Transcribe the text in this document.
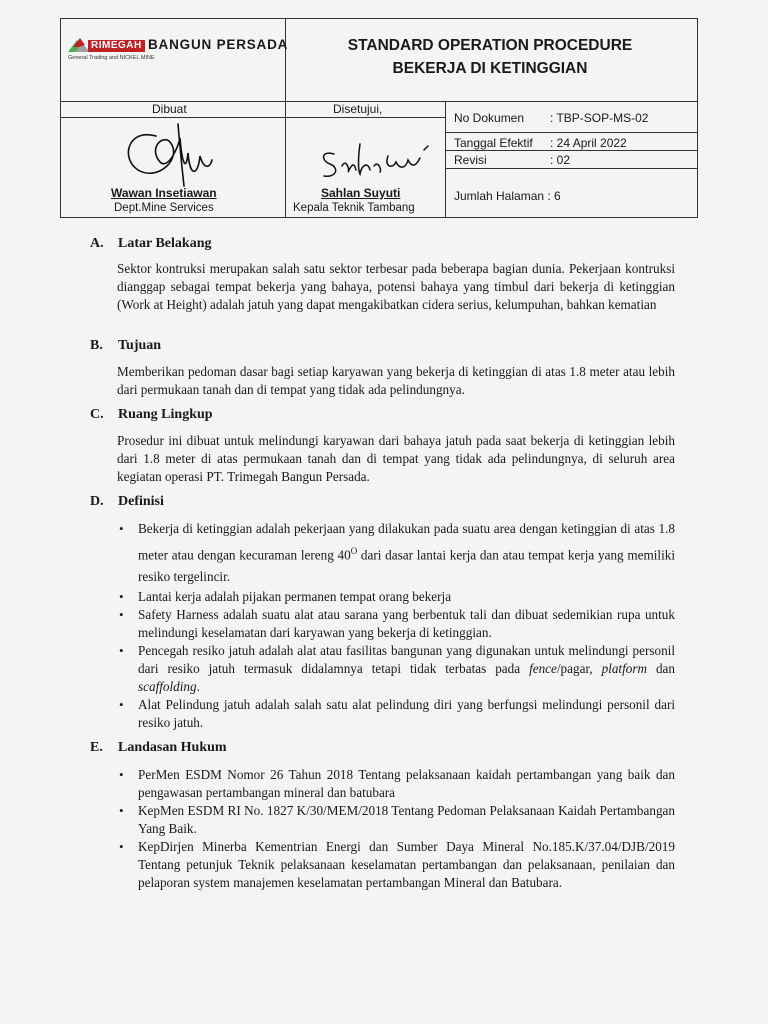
RIMEGAH BANGUN PERSADA
General Trading and NICKEL MINE
STANDARD OPERATION PROCEDURE
BEKERJA DI KETINGGIAN
Dibuat	Disetujui,
No Dokumen : TBP-SOP-MS-02
Tanggal Efektif : 24 April 2022
Revisi	: 02
Jumlah Halaman : 6
Wawan Insetiawan
Dept.Mine Services
Sahlan Suyuti
Kepala Teknik Tambang
A. Latar Belakang
Sektor kontruksi merupakan salah satu sektor terbesar pada beberapa bagian dunia. Pekerjaan kontruksi dianggap sebagai tempat bekerja yang bahaya, potensi bahaya yang timbul dari bekerja di ketinggian (Work at Height) adalah jatuh yang dapat mengakibatkan cidera serius, kelumpuhan, bahkan kematian
B. Tujuan
Memberikan pedoman dasar bagi setiap karyawan yang bekerja di ketinggian di atas 1.8 meter atau lebih dari permukaan tanah dan di tempat yang tidak ada pelindungnya.
C. Ruang Lingkup
Prosedur ini dibuat untuk melindungi karyawan dari bahaya jatuh pada saat bekerja di ketinggian lebih dari 1.8 meter di atas permukaan tanah dan di tempat yang tidak ada pelindungnya, di seluruh area kegiatan operasi PT. Trimegah Bangun Persada.
D. Definisi
• Bekerja di ketinggian adalah pekerjaan yang dilakukan pada suatu area dengan ketinggian di atas 1.8 meter atau dengan kecuraman lereng $40^O$ dari dasar lantai kerja dan atau tempat kerja yang memiliki resiko tergelincir.
• Lantai kerja adalah pijakan permanen tempat orang bekerja
• Safety Harness adalah suatu alat atau sarana yang berbentuk tali dan dibuat sedemikian rupa untuk melindungi keselamatan dari karyawan yang bekerja di ketinggian.
• Pencegah resiko jatuh adalah alat atau fasilitas bangunan yang digunakan untuk melindungi personil dari resiko jatuh termasuk didalamnya tetapi tidak terbatas pada fence/pagar, platform dan scaffolding.
• Alat Pelindung jatuh adalah salah satu alat pelindung diri yang berfungsi melindungi personil dari resiko jatuh.
E. Landasan Hukum
• PerMen ESDM Nomor 26 Tahun 2018 Tentang pelaksanaan kaidah pertambangan yang baik dan pengawasan pertambangan mineral dan batubara
• KepMen ESDM RI No. 1827 K/30/MEM/2018 Tentang Pedoman Pelaksanaan Kaidah Pertambangan Yang Baik.
• KepDirjen Minerba Kementrian Energi dan Sumber Daya Mineral No.185.K/37.04/DJB/2019 Tentang petunjuk Teknik pelaksanaan keselamatan pertambangan dan pelaksanaan, penilaian dan pelaporan system manajemen keselamatan pertambangan Mineral dan Batubara.
